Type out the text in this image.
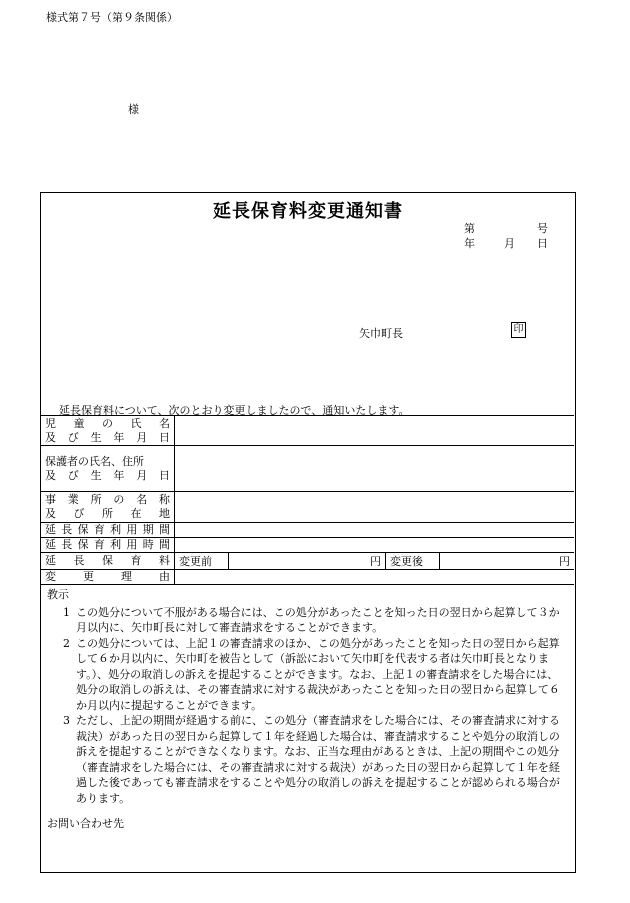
様式第７号（第９条関係）
様
延長保育料変更通知書
第	号
年	月 日
矢巾町長	印
延長保育料について、次のとおり変更しましたので、通知いたします。
児童の氏名
及び生年月日				

保護者の氏名、住所
及び生年月日				

事業所の名称
及び所在地				

延長保育利用期間				
延長保育利用時間				
延長保育料	変更前	円	変更後	円
変更理由				
教示
1 この処分について不服がある場合には、この処分があったことを知った日の翌日から起算して３か月以内に、矢巾町長に対して審査請求をすることができます。
2 この処分については、上記１の審査請求のほか、この処分があったことを知った日の翌日から起算して６か月以内に、矢巾町を被告として（訴訟において矢巾町を代表する者は矢巾町長となります。）、処分の取消しの訴えを提起することができます。なお、上記１の審査請求をした場合には、処分の取消しの訴えは、その審査請求に対する裁決があったことを知った日の翌日から起算して６か月以内に提起することができます。
3 ただし、上記の期間が経過する前に、この処分（審査請求をした場合には、その審査請求に対する裁決）があった日の翌日から起算して１年を経過した場合は、審査請求することや処分の取消しの訴えを提起することができなくなります。なお、正当な理由があるときは、上記の期間やこの処分（審査請求をした場合には、その審査請求に対する裁決）があった日の翌日から起算して１年を経過した後であっても審査請求をすることや処分の取消しの訴えを提起することが認められる場合があります。
お問い合わせ先
